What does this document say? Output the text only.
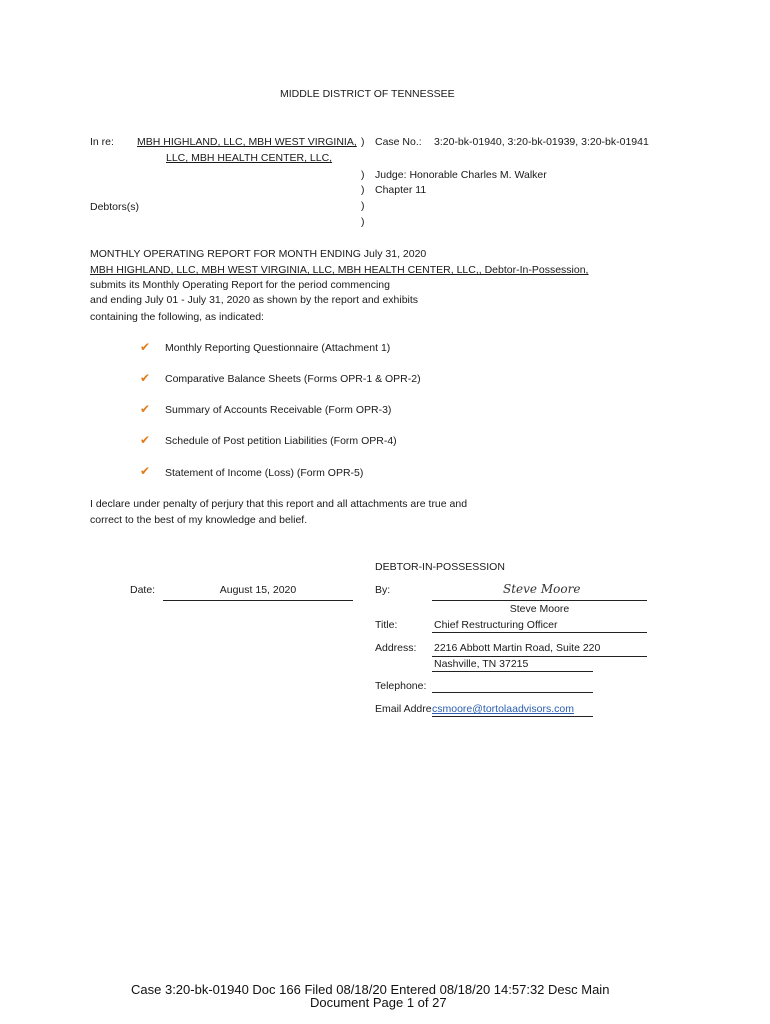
MIDDLE DISTRICT OF TENNESSEE
In re: MBH HIGHLAND, LLC, MBH WEST VIRGINIA,
LLC, MBH HEALTH CENTER, LLC,
) Case No.: 3:20-bk-01940, 3:20-bk-01939, 3:20-bk-01941
) Judge: Honorable Charles M. Walker
) Chapter 11
Debtors(s)	)
)
MONTHLY OPERATING REPORT FOR MONTH ENDING July 31, 2020
MBH HIGHLAND, LLC, MBH WEST VIRGINIA, LLC, MBH HEALTH CENTER, LLC,, Debtor-In-Possession,
submits its Monthly Operating Report for the period commencing
and ending July 01 - July 31, 2020 as shown by the report and exhibits
containing the following, as indicated:
✔ Monthly Reporting Questionnaire (Attachment 1)
✔ Comparative Balance Sheets (Forms OPR-1 & OPR-2)
✔ Summary of Accounts Receivable (Form OPR-3)
✔ Schedule of Post petition Liabilities (Form OPR-4)
✔ Statement of Income (Loss) (Form OPR-5)
I declare under penalty of perjury that this report and all attachments are true and
correct to the best of my knowledge and belief.
DEBTOR-IN-POSSESSION
Date:	August 15, 2020	By:	Steve Moore
Steve Moore
Title:	Chief Restructuring Officer
Address: 2216 Abbott Martin Road, Suite 220
Nashville, TN 37215
Telephone:
Email Addre csmoore@tortolaadvisors.com
Case 3:20-bk-01940 Doc 166 Filed 08/18/20 Entered 08/18/20 14:57:32 Desc Main
Document Page 1 of 27
